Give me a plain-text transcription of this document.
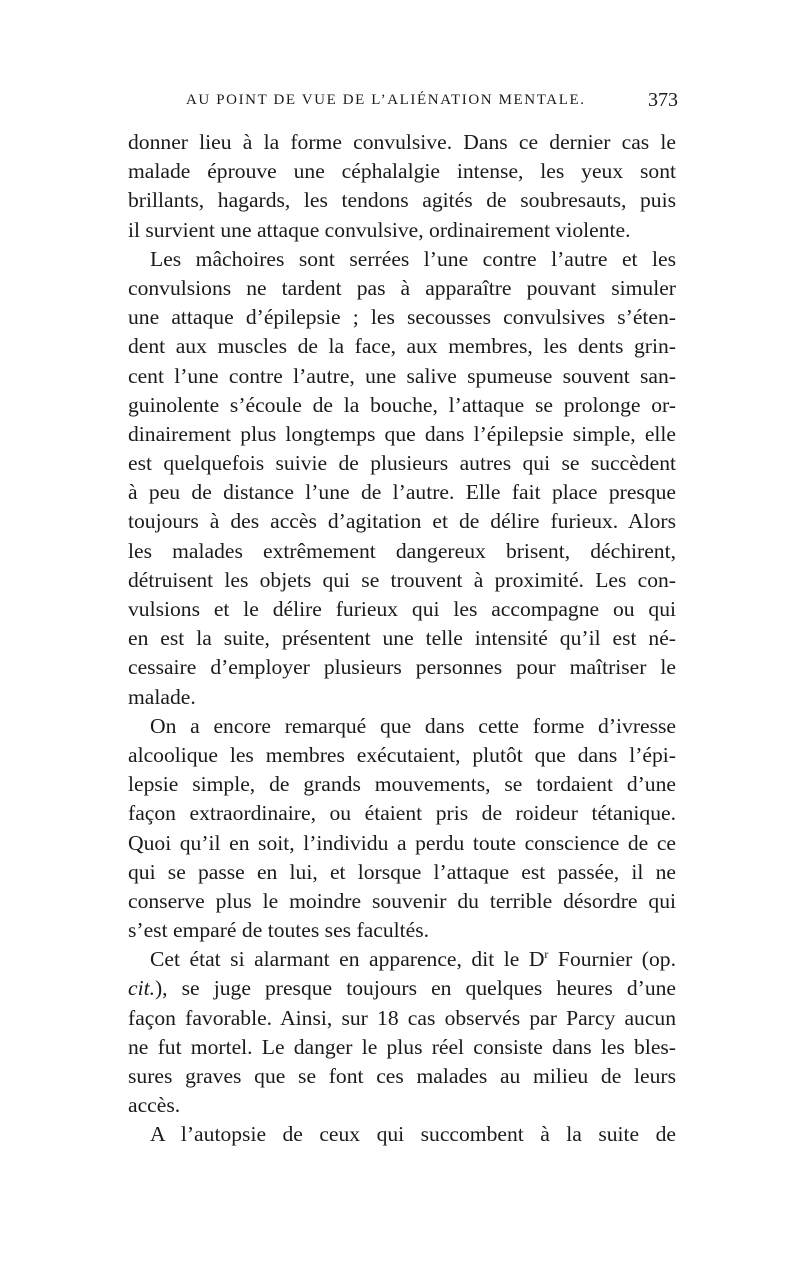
AU POINT DE VUE DE L’ALIÉNATION MENTALE.	373
donner lieu à la forme convulsive. Dans ce dernier cas le
malade éprouve une céphalalgie intense, les yeux sont
brillants, hagards, les tendons agités de soubresauts, puis
il survient une attaque convulsive, ordinairement violente.
Les mâchoires sont serrées l’une contre l’autre et les
convulsions ne tardent pas à apparaître pouvant simuler
une attaque d’épilepsie ; les secousses convulsives s’éten-
dent aux muscles de la face, aux membres, les dents grin-
cent l’une contre l’autre, une salive spumeuse souvent san-
guinolente s’écoule de la bouche, l’attaque se prolonge or-
dinairement plus longtemps que dans l’épilepsie simple, elle
est quelquefois suivie de plusieurs autres qui se succèdent
à peu de distance l’une de l’autre. Elle fait place presque
toujours à des accès d’agitation et de délire furieux. Alors
les malades extrêmement dangereux brisent, déchirent,
détruisent les objets qui se trouvent à proximité. Les con-
vulsions et le délire furieux qui les accompagne ou qui
en est la suite, présentent une telle intensité qu’il est né-
cessaire d’employer plusieurs personnes pour maîtriser le
malade.
On a encore remarqué que dans cette forme d’ivresse
alcoolique les membres exécutaient, plutôt que dans l’épi-
lepsie simple, de grands mouvements, se tordaient d’une
façon extraordinaire, ou étaient pris de roideur tétanique.
Quoi qu’il en soit, l’individu a perdu toute conscience de ce
qui se passe en lui, et lorsque l’attaque est passée, il ne
conserve plus le moindre souvenir du terrible désordre qui
s’est emparé de toutes ses facultés.
Cet état si alarmant en apparence, dit le $D^r$ Fournier (op.
cit.), se juge presque toujours en quelques heures d’une
façon favorable. Ainsi, sur 18 cas observés par Parcy aucun
ne fut mortel. Le danger le plus réel consiste dans les bles-
sures graves que se font ces malades au milieu de leurs
accès.
A l’autopsie de ceux qui succombent à la suite de
